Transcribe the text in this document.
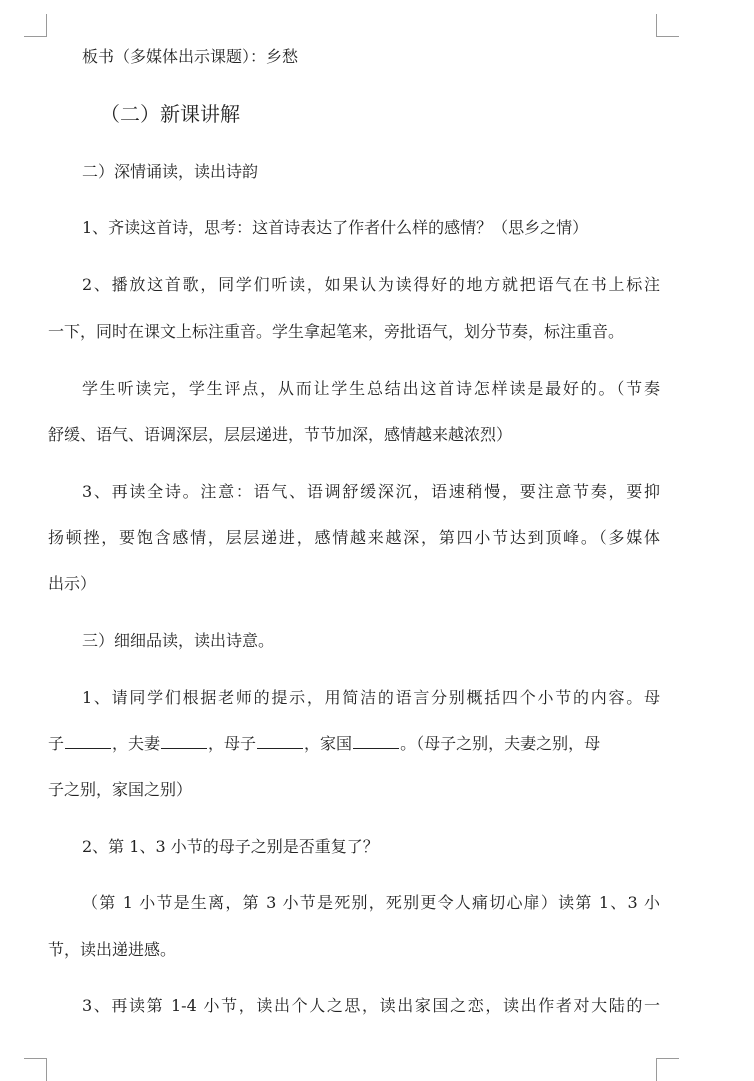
板书（多媒体出示课题）：乡愁
（二）新课讲解
二）深情诵读，读出诗韵
1、齐读这首诗，思考：这首诗表达了作者什么样的感情？（思乡之情）
2、播放这首歌，同学们听读，如果认为读得好的地方就把语气在书上标注
一下，同时在课文上标注重音。学生拿起笔来，旁批语气，划分节奏，标注重音。
学生听读完，学生评点，从而让学生总结出这首诗怎样读是最好的。（节奏
舒缓、语气、语调深层，层层递进，节节加深，感情越来越浓烈）
3、再读全诗。注意：语气、语调舒缓深沉，语速稍慢，要注意节奏，要抑
扬顿挫，要饱含感情，层层递进，感情越来越深，第四小节达到顶峰。（多媒体
出示）
三）细细品读，读出诗意。
1、请同学们根据老师的提示，用简洁的语言分别概括四个小节的内容。母
子	，夫妻	，母子	，家国	。（母子之别，夫妻之别，母
子之别，家国之别）
2、第 1、3 小节的母子之别是否重复了？
（第 1 小节是生离，第 3 小节是死别，死别更令人痛切心扉）读第 1、3 小
节，读出递进感。
3、再读第 1-4 小节，读出个人之思，读出家国之恋，读出作者对大陆的一
